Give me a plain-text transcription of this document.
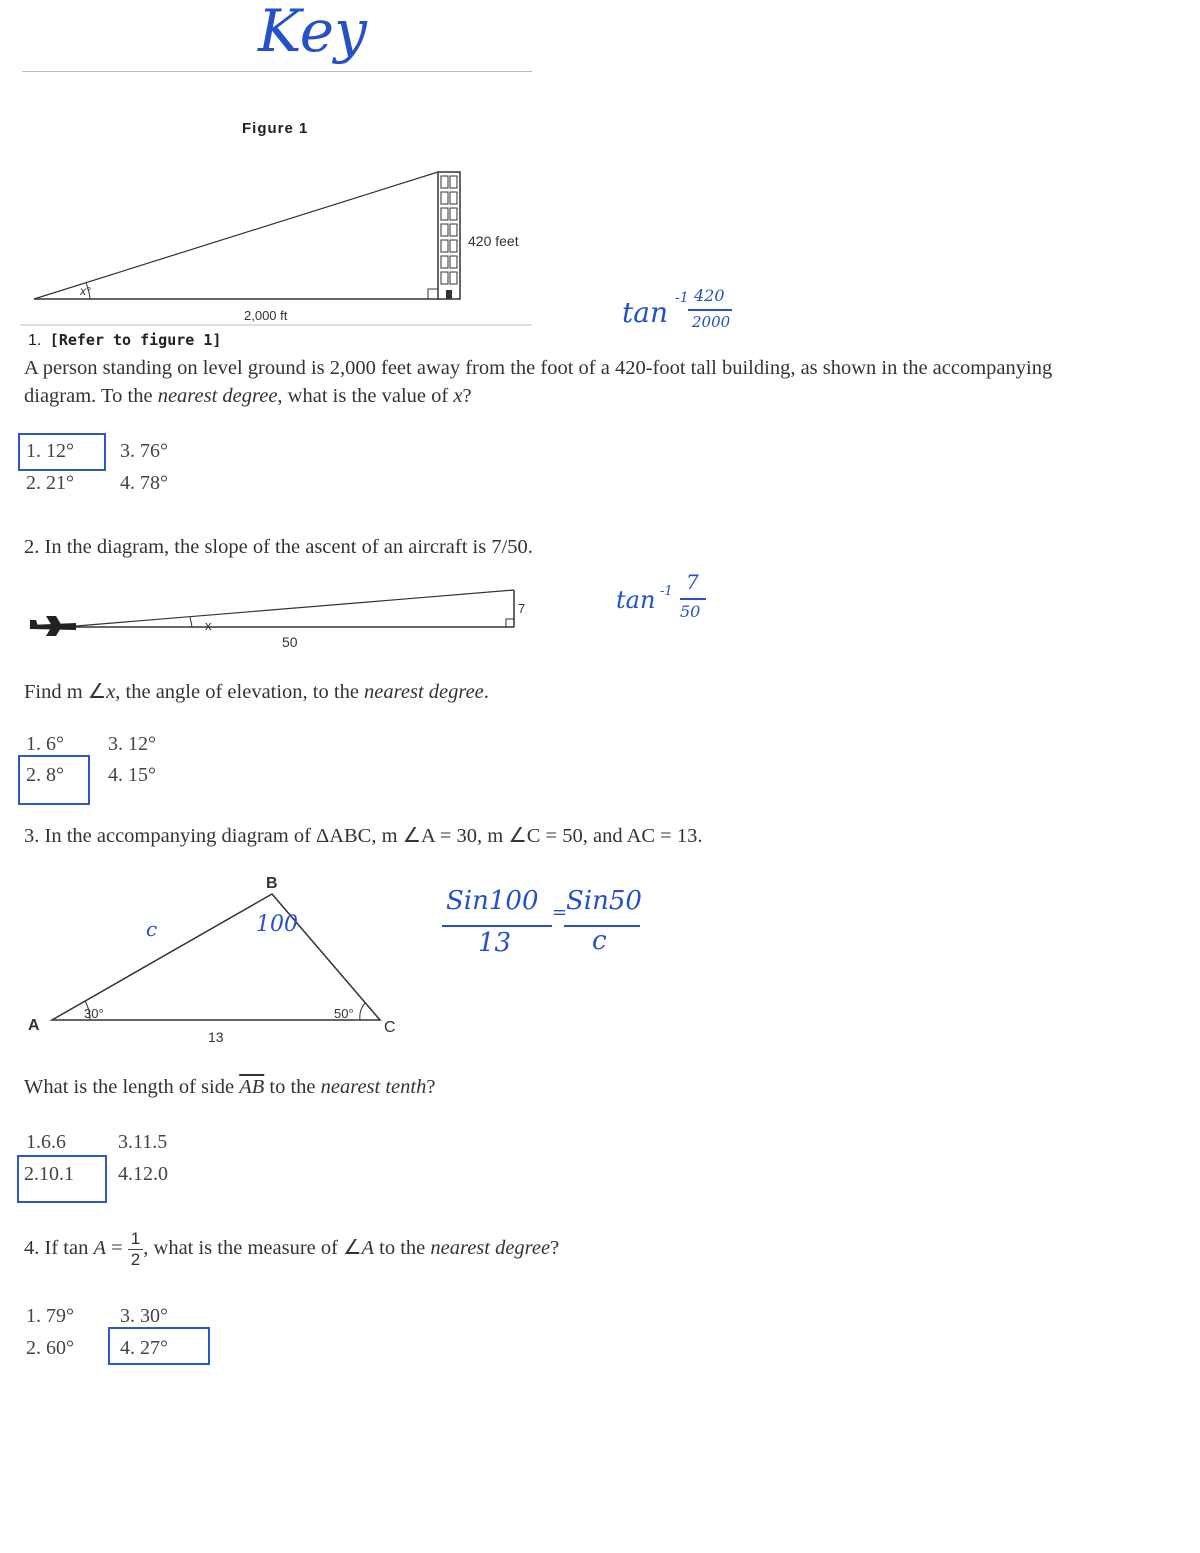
Key
Figure 1
x°
420 feet
2,000 ft	tan -1 420
2000
1. [Refer to figure 1]
A person standing on level ground is 2,000 feet away from the foot of a 420-foot tall building, as shown in the accompanying
diagram. To the nearest degree, what is the value of x?
1. 12°
2. 21°
3. 76°
4. 78°
2. In the diagram, the slope of the ascent of an aircraft is 7/50.
x
50
7	tan -1 7
50
Find m ∠x, the angle of elevation, to the nearest degree.
1. 6°
2. 8°
3. 12°
4. 15°
3. In the accompanying diagram of ΔABC, m ∠A = 30, m ∠C = 50, and AC = 13.
A
B
C
30°	50°
13
100
c
Sin100 =
Sin50
13	c
What is the length of side $\overline{AB}$ to the nearest tenth?
1.6.6
2.10.1
3.11.5
4.12.0
4. If $\tan A = \frac{1}{2}$ , what is the measure of ∠A to the nearest degree?
1. 79°
2. 60°
3. 30°
4. 27°
